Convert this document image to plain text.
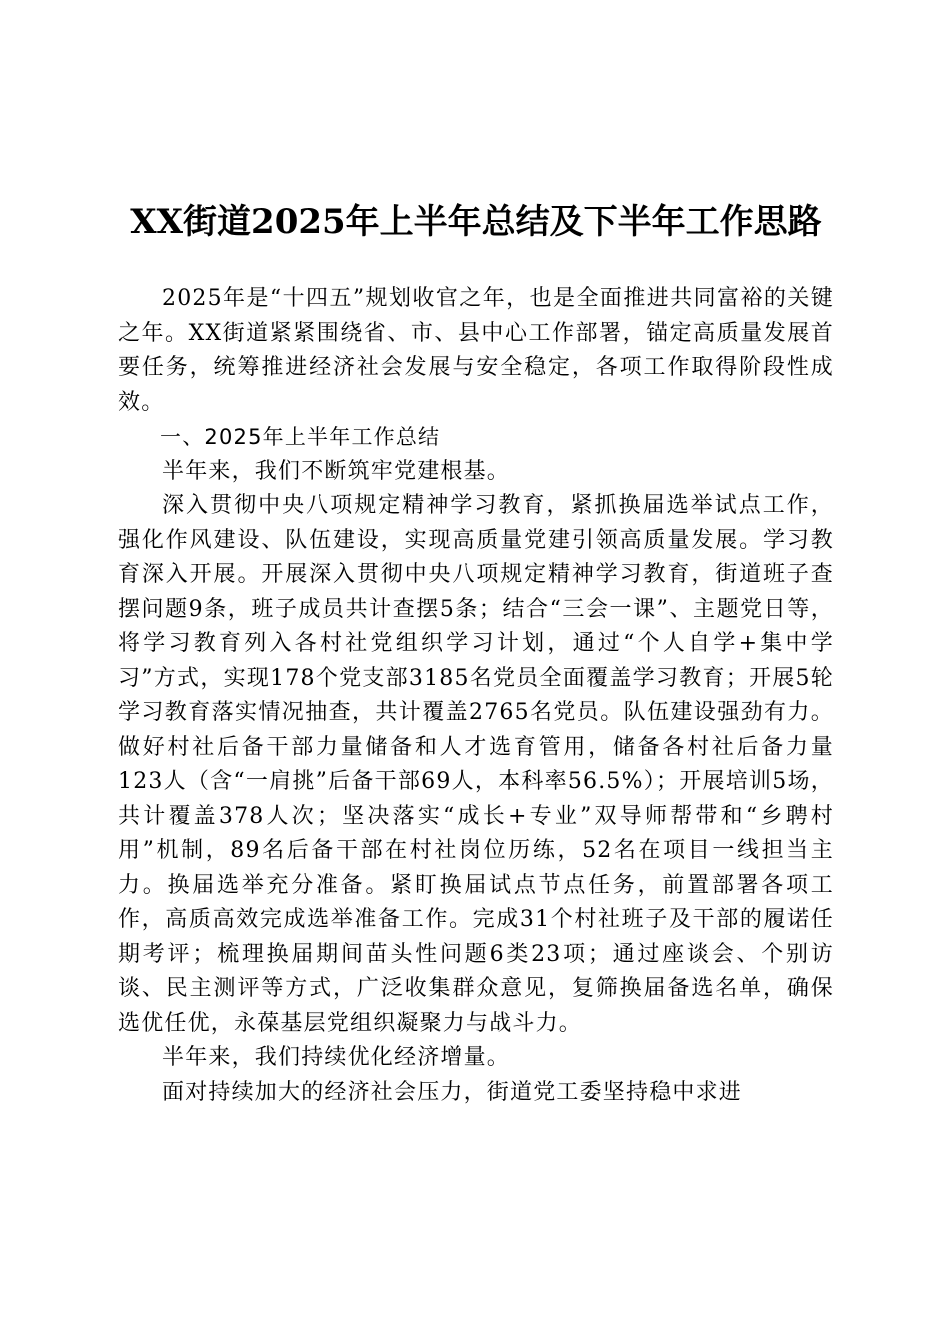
XX街道2025年上半年总结及下半年工作思路

2025年是“十四五”规划收官之年，也是全面推进共同富裕的关键之年。XX街道紧紧围绕省、市、县中心工作部署，锚定高质量发展首要任务，统筹推进经济社会发展与安全稳定，各项工作取得阶段性成效。

一、2025年上半年工作总结

半年来，我们不断筑牢党建根基。

深入贯彻中央八项规定精神学习教育，紧抓换届选举试点工作，强化作风建设、队伍建设，实现高质量党建引领高质量发展。学习教育深入开展。开展深入贯彻中央八项规定精神学习教育，街道班子查摆问题9条，班子成员共计查摆5条；结合“三会一课”、主题党日等，将学习教育列入各村社党组织学习计划，通过“个人自学+集中学习”方式，实现178个党支部3185名党员全面覆盖学习教育；开展5轮学习教育落实情况抽查，共计覆盖2765名党员。队伍建设强劲有力。做好村社后备干部力量储备和人才选育管用，储备各村社后备力量123人（含“一肩挑”后备干部69人，本科率56.5%）；开展培训5场，共计覆盖378人次；坚决落实“成长+专业”双导师帮带和“乡聘村用”机制，89名后备干部在村社岗位历练，52名在项目一线担当主力。换届选举充分准备。紧盯换届试点节点任务，前置部署各项工作，高质高效完成选举准备工作。完成31个村社班子及干部的履诺任期考评；梳理换届期间苗头性问题6类23项；通过座谈会、个别访谈、民主测评等方式，广泛收集群众意见，复筛换届备选名单，确保选优任优，永葆基层党组织凝聚力与战斗力。

半年来，我们持续优化经济增量。

面对持续加大的经济社会压力，街道党工委坚持稳中求进
